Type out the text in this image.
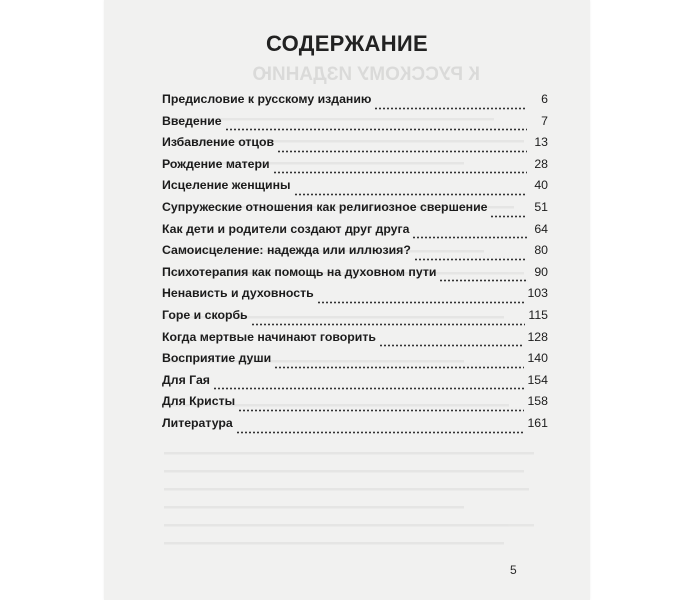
К РУССКОМУ ИЗДАНИЮ
СОДЕРЖАНИЕ
Предисловие к русскому изданию	6
Введение	7
Избавление отцов	13
Рождение матери	28
Исцеление женщины	40
Супружеские отношения как религиозное свершение	51
Как дети и родители создают друг друга	64
Самоисцеление: надежда или иллюзия?	80
Психотерапия как помощь на духовном пути	90
Ненависть и духовность	103
Горе и скорбь	115
Когда мертвые начинают говорить	128
Восприятие души	140
Для Гая	154
Для Кристы	158
Литература	161
5
